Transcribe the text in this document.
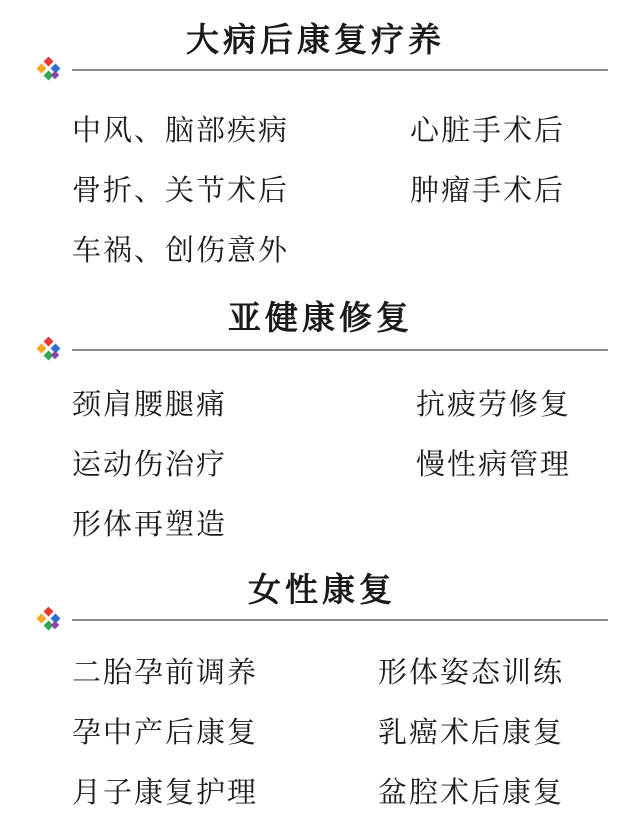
大病后康复疗养
中风、脑部疾病	心脏手术后
骨折、关节术后	肿瘤手术后
车祸、创伤意外
亚健康修复
颈肩腰腿痛	抗疲劳修复
运动伤治疗	慢性病管理
形体再塑造
女性康复
二胎孕前调养	形体姿态训练
孕中产后康复	乳癌术后康复
月子康复护理	盆腔术后康复
